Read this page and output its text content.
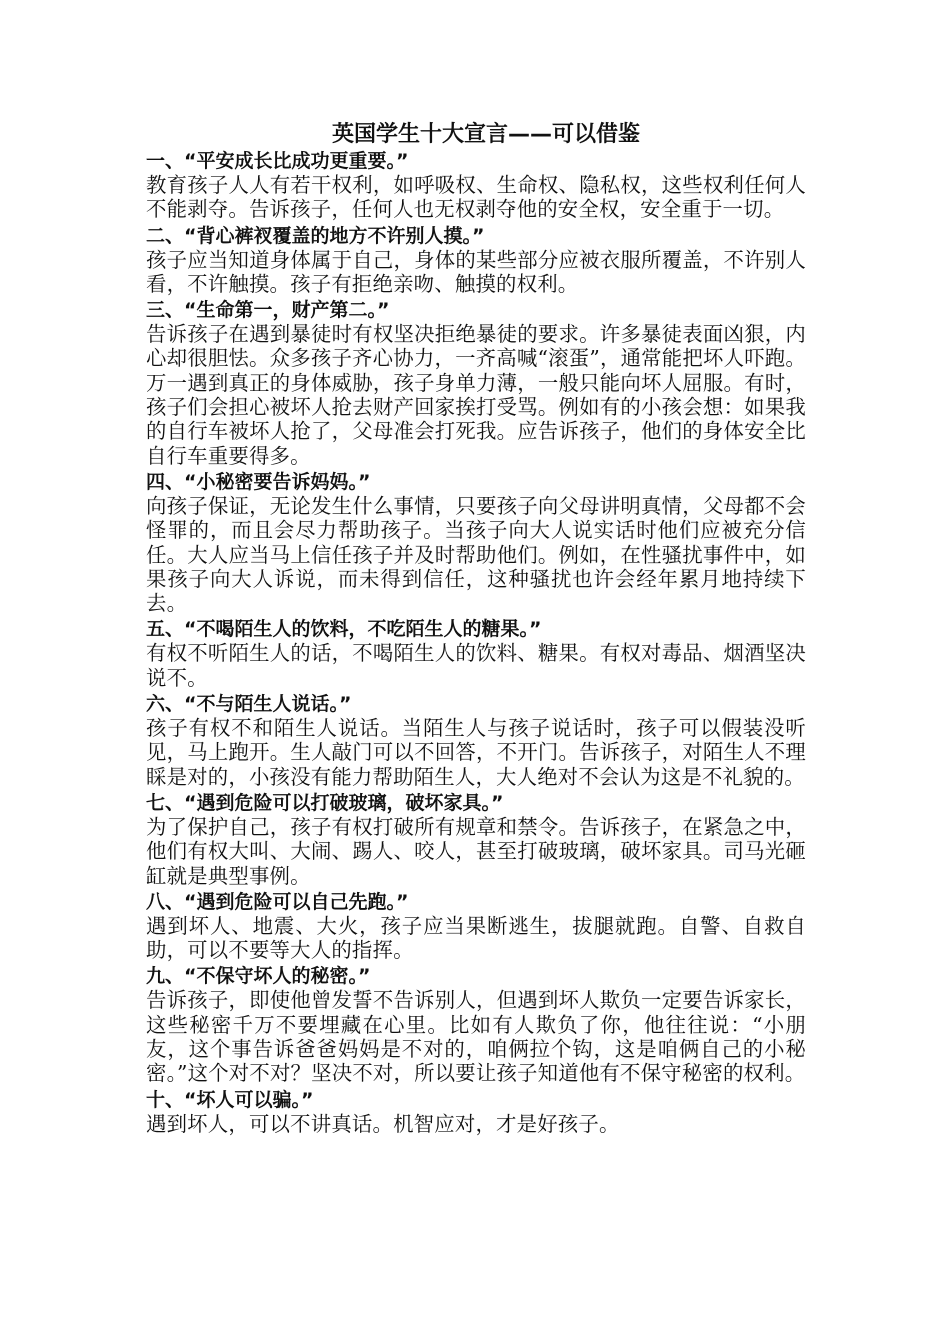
英国学生十大宣言——可以借鉴

一、“平安成长比成功更重要。”

教育孩子人人有若干权利，如呼吸权、生命权、隐私权，这些权利任何人不能剥夺。告诉孩子，任何人也无权剥夺他的安全权，安全重于一切。

二、“背心裤衩覆盖的地方不许别人摸。”

孩子应当知道身体属于自己，身体的某些部分应被衣服所覆盖，不许别人看，不许触摸。孩子有拒绝亲吻、触摸的权利。

三、“生命第一，财产第二。”

告诉孩子在遇到暴徒时有权坚决拒绝暴徒的要求。许多暴徒表面凶狠，内心却很胆怯。众多孩子齐心协力，一齐高喊“滚蛋”，通常能把坏人吓跑。万一遇到真正的身体威胁，孩子身单力薄，一般只能向坏人屈服。有时，孩子们会担心被坏人抢去财产回家挨打受骂。例如有的小孩会想：如果我的自行车被坏人抢了，父母准会打死我。应告诉孩子，他们的身体安全比自行车重要得多。

四、“小秘密要告诉妈妈。”

向孩子保证，无论发生什么事情，只要孩子向父母讲明真情，父母都不会怪罪的，而且会尽力帮助孩子。当孩子向大人说实话时他们应被充分信任。大人应当马上信任孩子并及时帮助他们。例如，在性骚扰事件中，如果孩子向大人诉说，而未得到信任，这种骚扰也许会经年累月地持续下去。

五、“不喝陌生人的饮料，不吃陌生人的糖果。”

有权不听陌生人的话，不喝陌生人的饮料、糖果。有权对毒品、烟酒坚决说不。

六、“不与陌生人说话。”

孩子有权不和陌生人说话。当陌生人与孩子说话时，孩子可以假装没听见，马上跑开。生人敲门可以不回答，不开门。告诉孩子，对陌生人不理睬是对的，小孩没有能力帮助陌生人，大人绝对不会认为这是不礼貌的。

七、“遇到危险可以打破玻璃，破坏家具。”

为了保护自己，孩子有权打破所有规章和禁令。告诉孩子，在紧急之中，他们有权大叫、大闹、踢人、咬人，甚至打破玻璃，破坏家具。司马光砸缸就是典型事例。

八、“遇到危险可以自己先跑。”

遇到坏人、地震、大火，孩子应当果断逃生，拔腿就跑。自警、自救自助，可以不要等大人的指挥。

九、“不保守坏人的秘密。”

告诉孩子，即使他曾发誓不告诉别人，但遇到坏人欺负一定要告诉家长，这些秘密千万不要埋藏在心里。比如有人欺负了你，他往往说：“小朋友，这个事告诉爸爸妈妈是不对的，咱俩拉个钩，这是咱俩自己的小秘密。”这个对不对？坚决不对，所以要让孩子知道他有不保守秘密的权利。

十、“坏人可以骗。”

遇到坏人，可以不讲真话。机智应对，才是好孩子。
